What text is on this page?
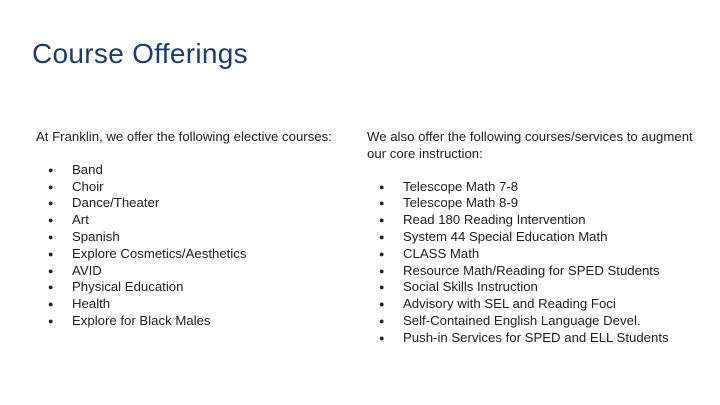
Course Offerings

At Franklin, we offer the following elective courses:

● Band
● Choir
● Dance/Theater
● Art
● Spanish
● Explore Cosmetics/Aesthetics
● AVID
● Physical Education
● Health
● Explore for Black Males

We also offer the following courses/services to augment our core instruction:

● Telescope Math 7-8
● Telescope Math 8-9
● Read 180 Reading Intervention
● System 44 Special Education Math
● CLASS Math
● Resource Math/Reading for SPED Students
● Social Skills Instruction
● Advisory with SEL and Reading Foci
● Self-Contained English Language Devel.
● Push-in Services for SPED and ELL Students
